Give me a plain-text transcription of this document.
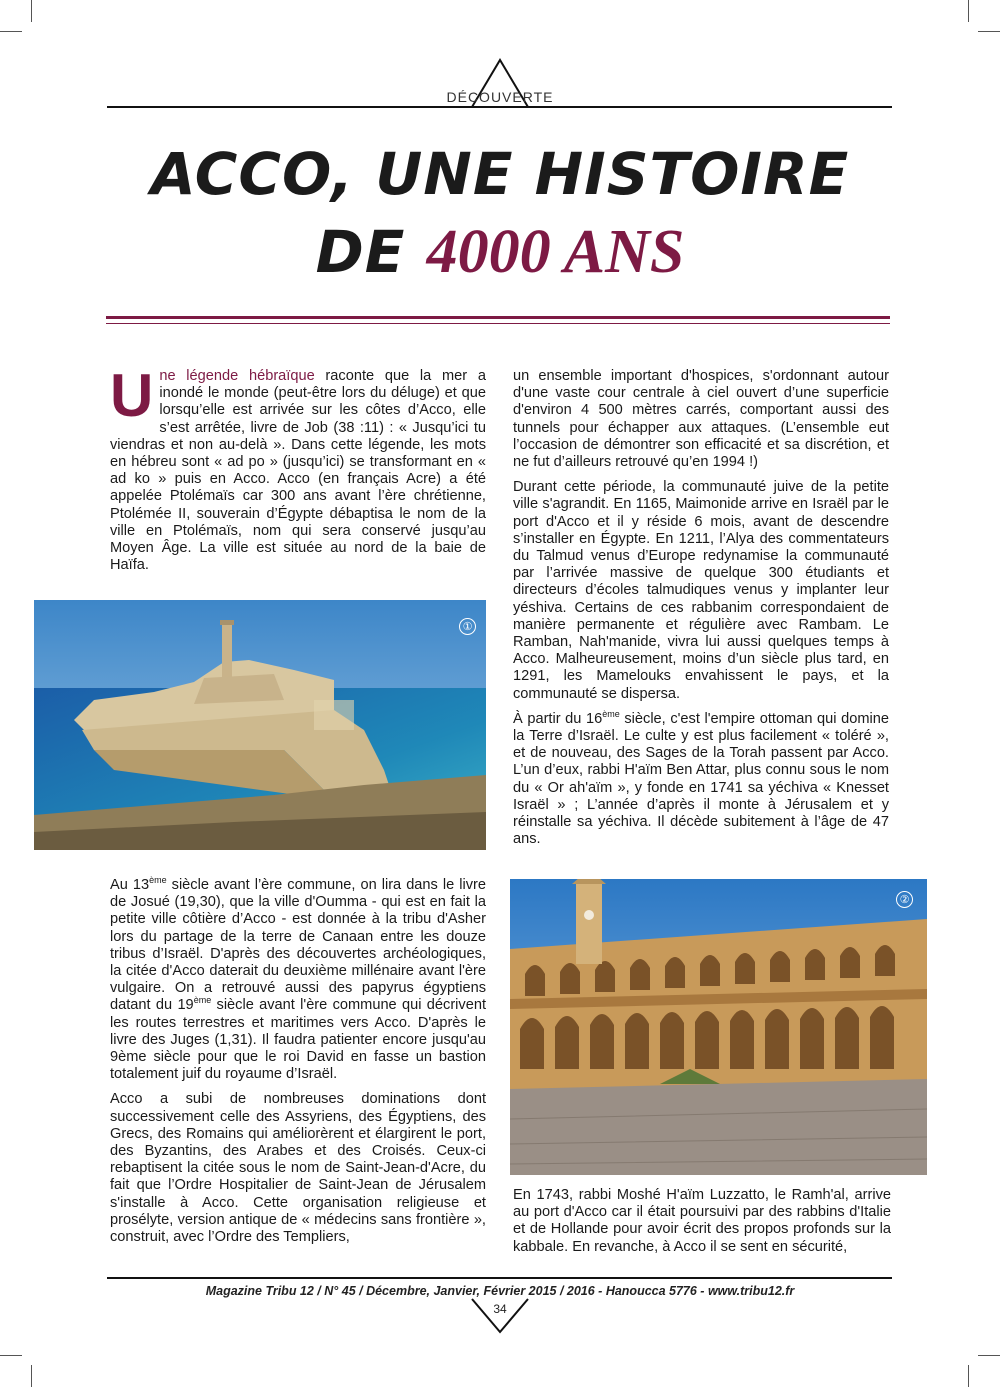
DÉCOUVERTE
ACCO, UNE HISTOIRE
DE 4000 ANS

Une légende hébraïque raconte que la mer a inondé le monde (peut-être lors du déluge) et que lorsqu’elle est arrivée sur les côtes d’Acco, elle s’est arrêtée, livre de Job (38 :11) : « Jusqu’ici tu viendras et non au-delà ». Dans cette légende, les mots en hébreu sont « ad po » (jusqu’ici) se transformant en « ad ko » puis en Acco. Acco (en français Acre) a été appelée Ptolémaïs car 300 ans avant l’ère chrétienne, Ptolémée II, souverain d’Égypte débaptisa le nom de la ville en Ptolémaïs, nom qui sera conservé jusqu’au Moyen Âge. La ville est située au nord de la baie de Haïfa.

①

Au 13ème siècle avant l’ère commune, on lira dans le livre de Josué (19,30), que la ville d'Oumma - qui est en fait la petite ville côtière d’Acco - est donnée à la tribu d'Asher lors du partage de la terre de Canaan entre les douze tribus d’Israël. D'après des découvertes archéologiques, la citée d'Acco daterait du deuxième millénaire avant l'ère vulgaire. On a retrouvé aussi des papyrus égyptiens datant du 19ème siècle avant l'ère commune qui décrivent les routes terrestres et maritimes vers Acco. D'après le livre des Juges (1,31). Il faudra patienter encore jusqu'au 9ème siècle pour que le roi David en fasse un bastion totalement juif du royaume d’Israël.

Acco a subi de nombreuses dominations dont successivement celle des Assyriens, des Égyptiens, des Grecs, des Romains qui améliorèrent et élargirent le port, des Byzantins, des Arabes et des Croisés. Ceux-ci rebaptisent la citée sous le nom de Saint-Jean-d'Acre, du fait que l’Ordre Hospitalier de Saint-Jean de Jérusalem s'installe à Acco. Cette organisation religieuse et prosélyte, version antique de « médecins sans frontière », construit, avec l’Ordre des Templiers,

un ensemble important d'hospices, s'ordonnant autour d'une vaste cour centrale à ciel ouvert d’une superficie d'environ 4 500 mètres carrés, comportant aussi des tunnels pour échapper aux attaques. (L’ensemble eut l’occasion de démontrer son efficacité et sa discrétion, et ne fut d’ailleurs retrouvé qu’en 1994 !)

Durant cette période, la communauté juive de la petite ville s'agrandit. En 1165, Maimonide arrive en Israël par le port d'Acco et il y réside 6 mois, avant de descendre s’installer en Égypte. En 1211, l’Alya des commentateurs du Talmud venus d’Europe redynamise la communauté par l’arrivée massive de quelque 300 étudiants et directeurs d’écoles talmudiques venus y implanter leur yéshiva. Certains de ces rabbanim correspondaient de manière permanente et régulière avec Rambam. Le Ramban, Nah'manide, vivra lui aussi quelques temps à Acco. Malheureusement, moins d’un siècle plus tard, en 1291, les Mamelouks envahissent le pays, et la communauté se dispersa.

À partir du 16ème siècle, c'est l'empire ottoman qui domine la Terre d’Israël. Le culte y est plus facilement « toléré », et de nouveau, des Sages de la Torah passent par Acco. L’un d’eux, rabbi H'aïm Ben Attar, plus connu sous le nom du « Or ah'aïm », y fonde en 1741 sa yéchiva « Knesset Israël » ; L’année d’après il monte à Jérusalem et y réinstalle sa yéchiva. Il décède subitement à l’âge de 47 ans.

②

En 1743, rabbi Moshé H'aïm Luzzatto, le Ramh'al, arrive au port d'Acco car il était poursuivi par des rabbins d'Italie et de Hollande pour avoir écrit des propos profonds sur la kabbale. En revanche, à Acco il se sent en sécurité,

Magazine Tribu 12 / N° 45 / Décembre, Janvier, Février 2015 / 2016 - Hanoucca 5776 - www.tribu12.fr
34
